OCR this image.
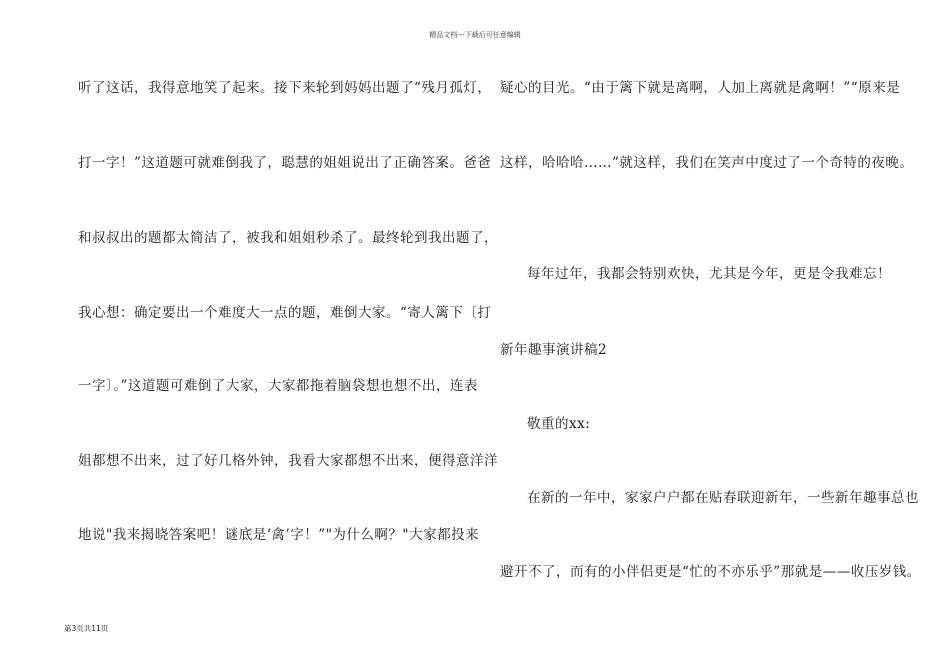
精品文档---下载后可任意编辑
听了这话，我得意地笑了起来。接下来轮到妈妈出题了“残月孤灯，
打一字！”这道题可就难倒我了，聪慧的姐姐说出了正确答案。爸爸
和叔叔出的题都太简洁了，被我和姐姐秒杀了。最终轮到我出题了，
我心想：确定要出一个难度大一点的题，难倒大家。“寄人篱下〔打
一字〕。”这道题可难倒了大家，大家都拖着脑袋想也想不出，连表
姐都想不出来，过了好几格外钟，我看大家都想不出来，便得意洋洋
地说"我来揭晓答案吧！谜底是‘禽’字！”"为什么啊？"大家都投来
疑心的目光。“由于篱下就是离啊，人加上离就是禽啊！”“原来是
这样，哈哈哈……”就这样，我们在笑声中度过了一个奇特的夜晚。
每年过年，我都会特别欢快，尤其是今年，更是令我难忘！
新年趣事演讲稿2
敬重的xx:
在新的一年中，家家户户都在贴春联迎新年，一些新年趣事总也
避开不了，而有的小伴侣更是“忙的不亦乐乎”那就是——收压岁钱。
第3页共11页
